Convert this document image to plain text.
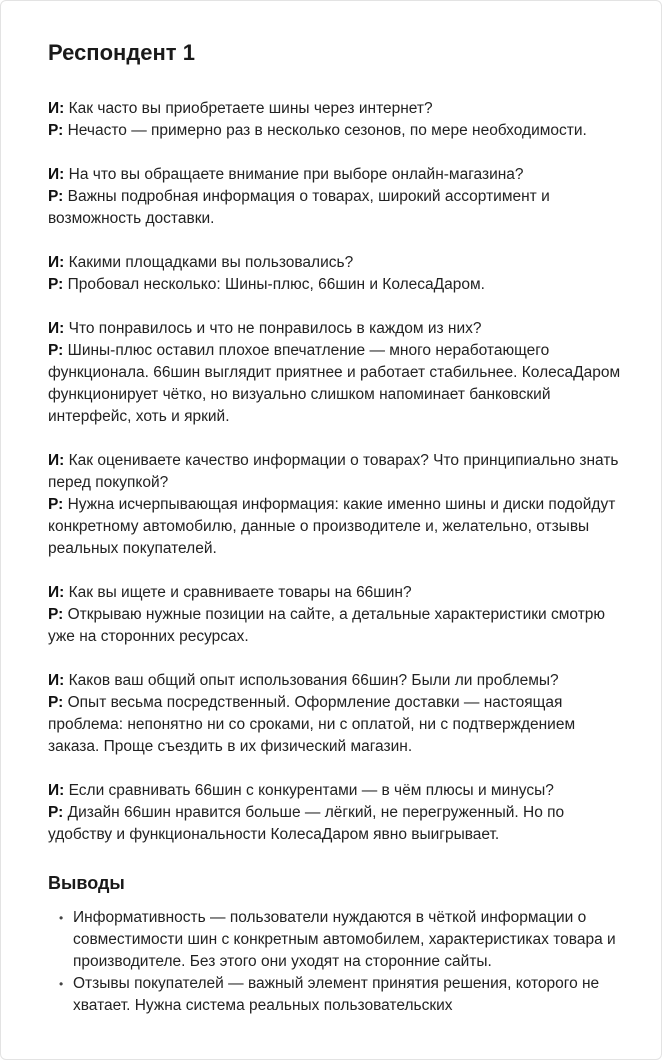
Респондент 1

И: Как часто вы приобретаете шины через интернет?

Р: Нечасто — примерно раз в несколько сезонов, по мере необходимости.

И: На что вы обращаете внимание при выборе онлайн-магазина?

Р: Важны подробная информация о товарах, широкий ассортимент и возможность доставки.

И: Какими площадками вы пользовались?

Р: Пробовал несколько: Шины-плюс, 66шин и КолесаДаром.

И: Что понравилось и что не понравилось в каждом из них?

Р: Шины-плюс оставил плохое впечатление — много неработающего функционала. 66шин выглядит приятнее и работает стабильнее. КолесаДаром функционирует чётко, но визуально слишком напоминает банковский интерфейс, хоть и яркий.

И: Как оцениваете качество информации о товарах? Что принципиально знать перед покупкой?

Р: Нужна исчерпывающая информация: какие именно шины и диски подойдут конкретному автомобилю, данные о производителе и, желательно, отзывы реальных покупателей.

И: Как вы ищете и сравниваете товары на 66шин?

Р: Открываю нужные позиции на сайте, а детальные характеристики смотрю уже на сторонних ресурсах.

И: Каков ваш общий опыт использования 66шин? Были ли проблемы?

Р: Опыт весьма посредственный. Оформление доставки — настоящая проблема: непонятно ни со сроками, ни с оплатой, ни с подтверждением заказа. Проще съездить в их физический магазин.

И: Если сравнивать 66шин с конкурентами — в чём плюсы и минусы?

Р: Дизайн 66шин нравится больше — лёгкий, не перегруженный. Но по удобству и функциональности КолесаДаром явно выигрывает.

Выводы
• Информативность — пользователи нуждаются в чёткой информации о совместимости шин с конкретным автомобилем, характеристиках товара и производителе. Без этого они уходят на сторонние сайты.
• Отзывы покупателей — важный элемент принятия решения, которого не хватает. Нужна система реальных пользовательских
